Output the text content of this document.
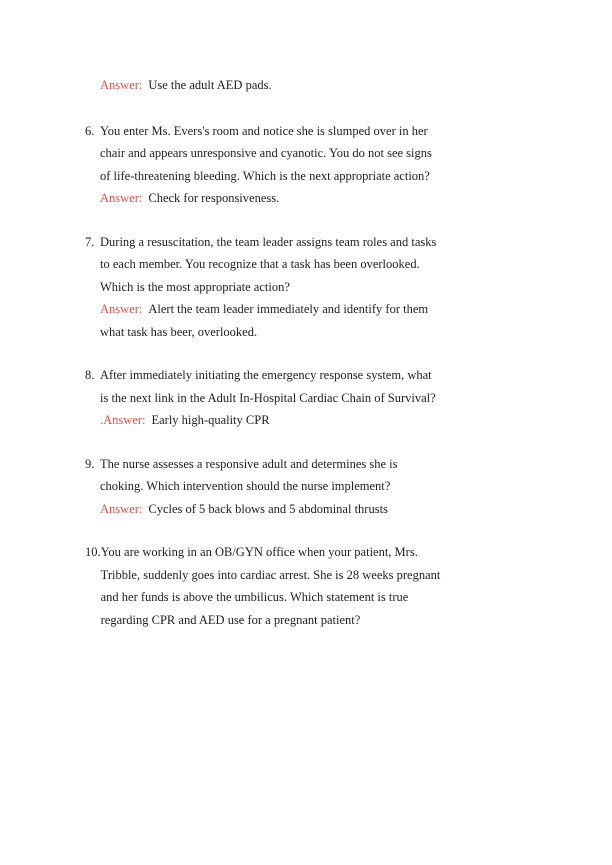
Answer: Use the adult AED pads.
6. You enter Ms. Evers's room and notice she is slumped over in her chair and appears unresponsive and cyanotic. You do not see signs of life-threatening bleeding. Which is the next appropriate action?
Answer: Check for responsiveness.
7. During a resuscitation, the team leader assigns team roles and tasks to each member. You recognize that a task has been overlooked. Which is the most appropriate action?
Answer: Alert the team leader immediately and identify for them what task has beer, overlooked.
8. After immediately initiating the emergency response system, what is the next link in the Adult In-Hospital Cardiac Chain of Survival?
.Answer: Early high-quality CPR
9. The nurse assesses a responsive adult and determines she is choking. Which intervention should the nurse implement?
Answer: Cycles of 5 back blows and 5 abdominal thrusts
10. You are working in an OB/GYN office when your patient, Mrs. Tribble, suddenly goes into cardiac arrest. She is 28 weeks pregnant and her funds is above the umbilicus. Which statement is true regarding CPR and AED use for a pregnant patient?
